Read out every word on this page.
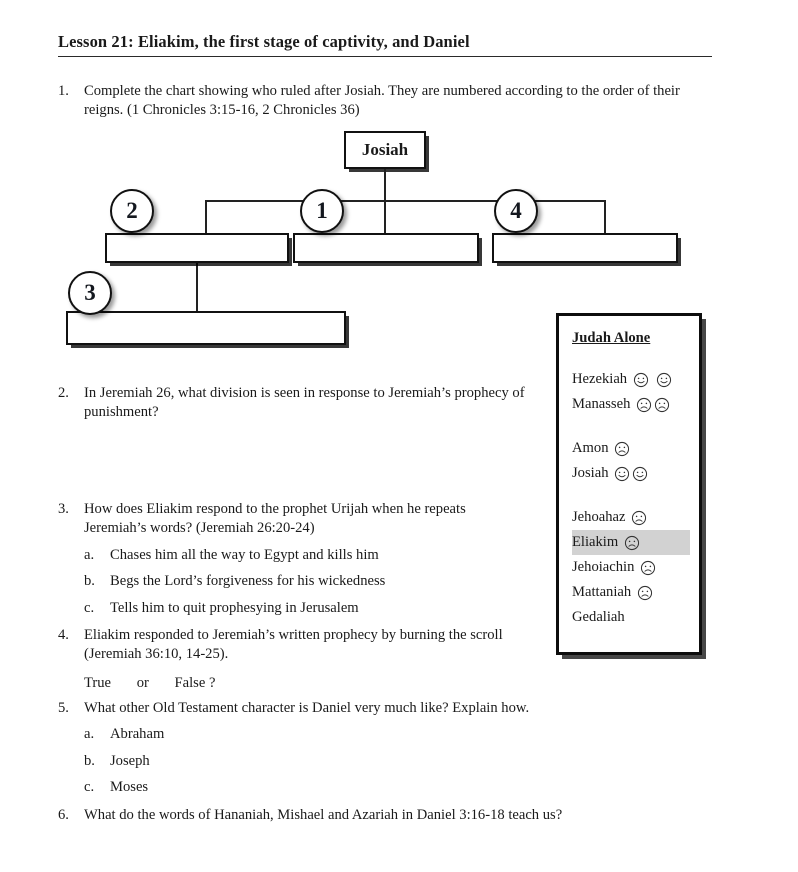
Lesson 21: Eliakim, the first stage of captivity, and Daniel
1.	Complete the chart showing who ruled after Josiah. They are numbered according to the order of their reigns. (1 Chronicles 3:15-16, 2 Chronicles 36)

Josiah
2	1	4
3
Judah Alone
Hezekiah
Manasseh
Amon
Josiah
Jehoahaz
Eliakim
Jehoiachin
Mattaniah
Gedaliah
2.	In Jeremiah 26, what division is seen in response to Jeremiah’s prophecy of punishment?

3.	How does Eliakim respond to the prophet Urijah when he repeats Jeremiah’s words? (Jeremiah 26:20-24)

a.	Chases him all the way to Egypt and kills him
b.	Begs the Lord’s forgiveness for his wickedness
c.	Tells him to quit prophesying in Jerusalem
4.	Eliakim responded to Jeremiah’s written prophecy by burning the scroll (Jeremiah 36:10, 14-25).

True or False ?
5.	What other Old Testament character is Daniel very much like? Explain how.

a.	Abraham
b.	Joseph
c.	Moses
6.	What do the words of Hananiah, Mishael and Azariah in Daniel 3:16-18 teach us?
